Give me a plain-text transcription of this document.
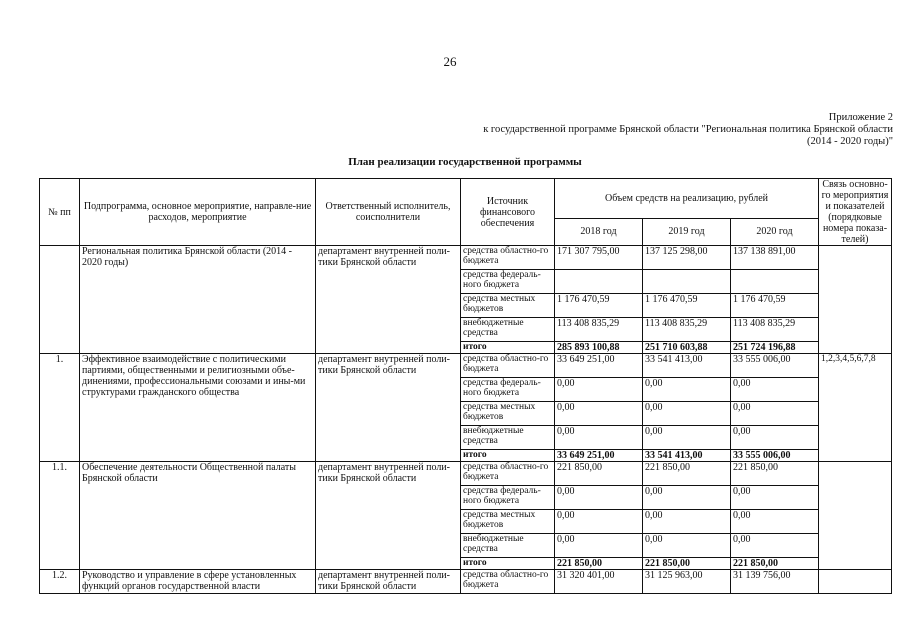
26
Приложение 2
к государственной программе Брянской области "Региональная политика Брянской области
(2014 - 2020 годы)"
План реализации государственной программы
№ пп	Подпрограмма, основное мероприятие, направле-ние расходов, мероприятие	Ответственный исполнитель, соисполнители	Источник финансового обеспечения	Объем средств на реализацию, рублей			Связь основно-го мероприятия и показателей (порядковые номера показа-телей)
				2018 год	2019 год	2020 год	
	Региональная политика Брянской области (2014 - 2020 годы)	департамент внутренней поли-тики Брянской области	средства областно-го бюджета	171 307 795,00	137 125 298,00	137 138 891,00	
			средства федераль-ного бюджета				
			средства местных бюджетов	1 176 470,59	1 176 470,59	1 176 470,59	
			внебюджетные средства	113 408 835,29	113 408 835,29	113 408 835,29	
			итого	285 893 100,88	251 710 603,88	251 724 196,88	
1.	Эффективное взаимодействие с политическими партиями, общественными и религиозными объе-динениями, профессиональными союзами и ины-ми структурами гражданского общества	департамент внутренней поли-тики Брянской области	средства областно-го бюджета	33 649 251,00	33 541 413,00	33 555 006,00	1,2,3,4,5,6,7,8
			средства федераль-ного бюджета	0,00	0,00	0,00	
			средства местных бюджетов	0,00	0,00	0,00	
			внебюджетные средства	0,00	0,00	0,00	
			итого	33 649 251,00	33 541 413,00	33 555 006,00	
1.1.	Обеспечение деятельности Общественной палаты Брянской области	департамент внутренней поли-тики Брянской области	средства областно-го бюджета	221 850,00	221 850,00	221 850,00	
			средства федераль-ного бюджета	0,00	0,00	0,00	
			средства местных бюджетов	0,00	0,00	0,00	
			внебюджетные средства	0,00	0,00	0,00	
			итого	221 850,00	221 850,00	221 850,00	
1.2.	Руководство и управление в сфере установленных функций органов государственной власти	департамент внутренней поли-тики Брянской области	средства областно-го бюджета	31 320 401,00	31 125 963,00	31 139 756,00	
